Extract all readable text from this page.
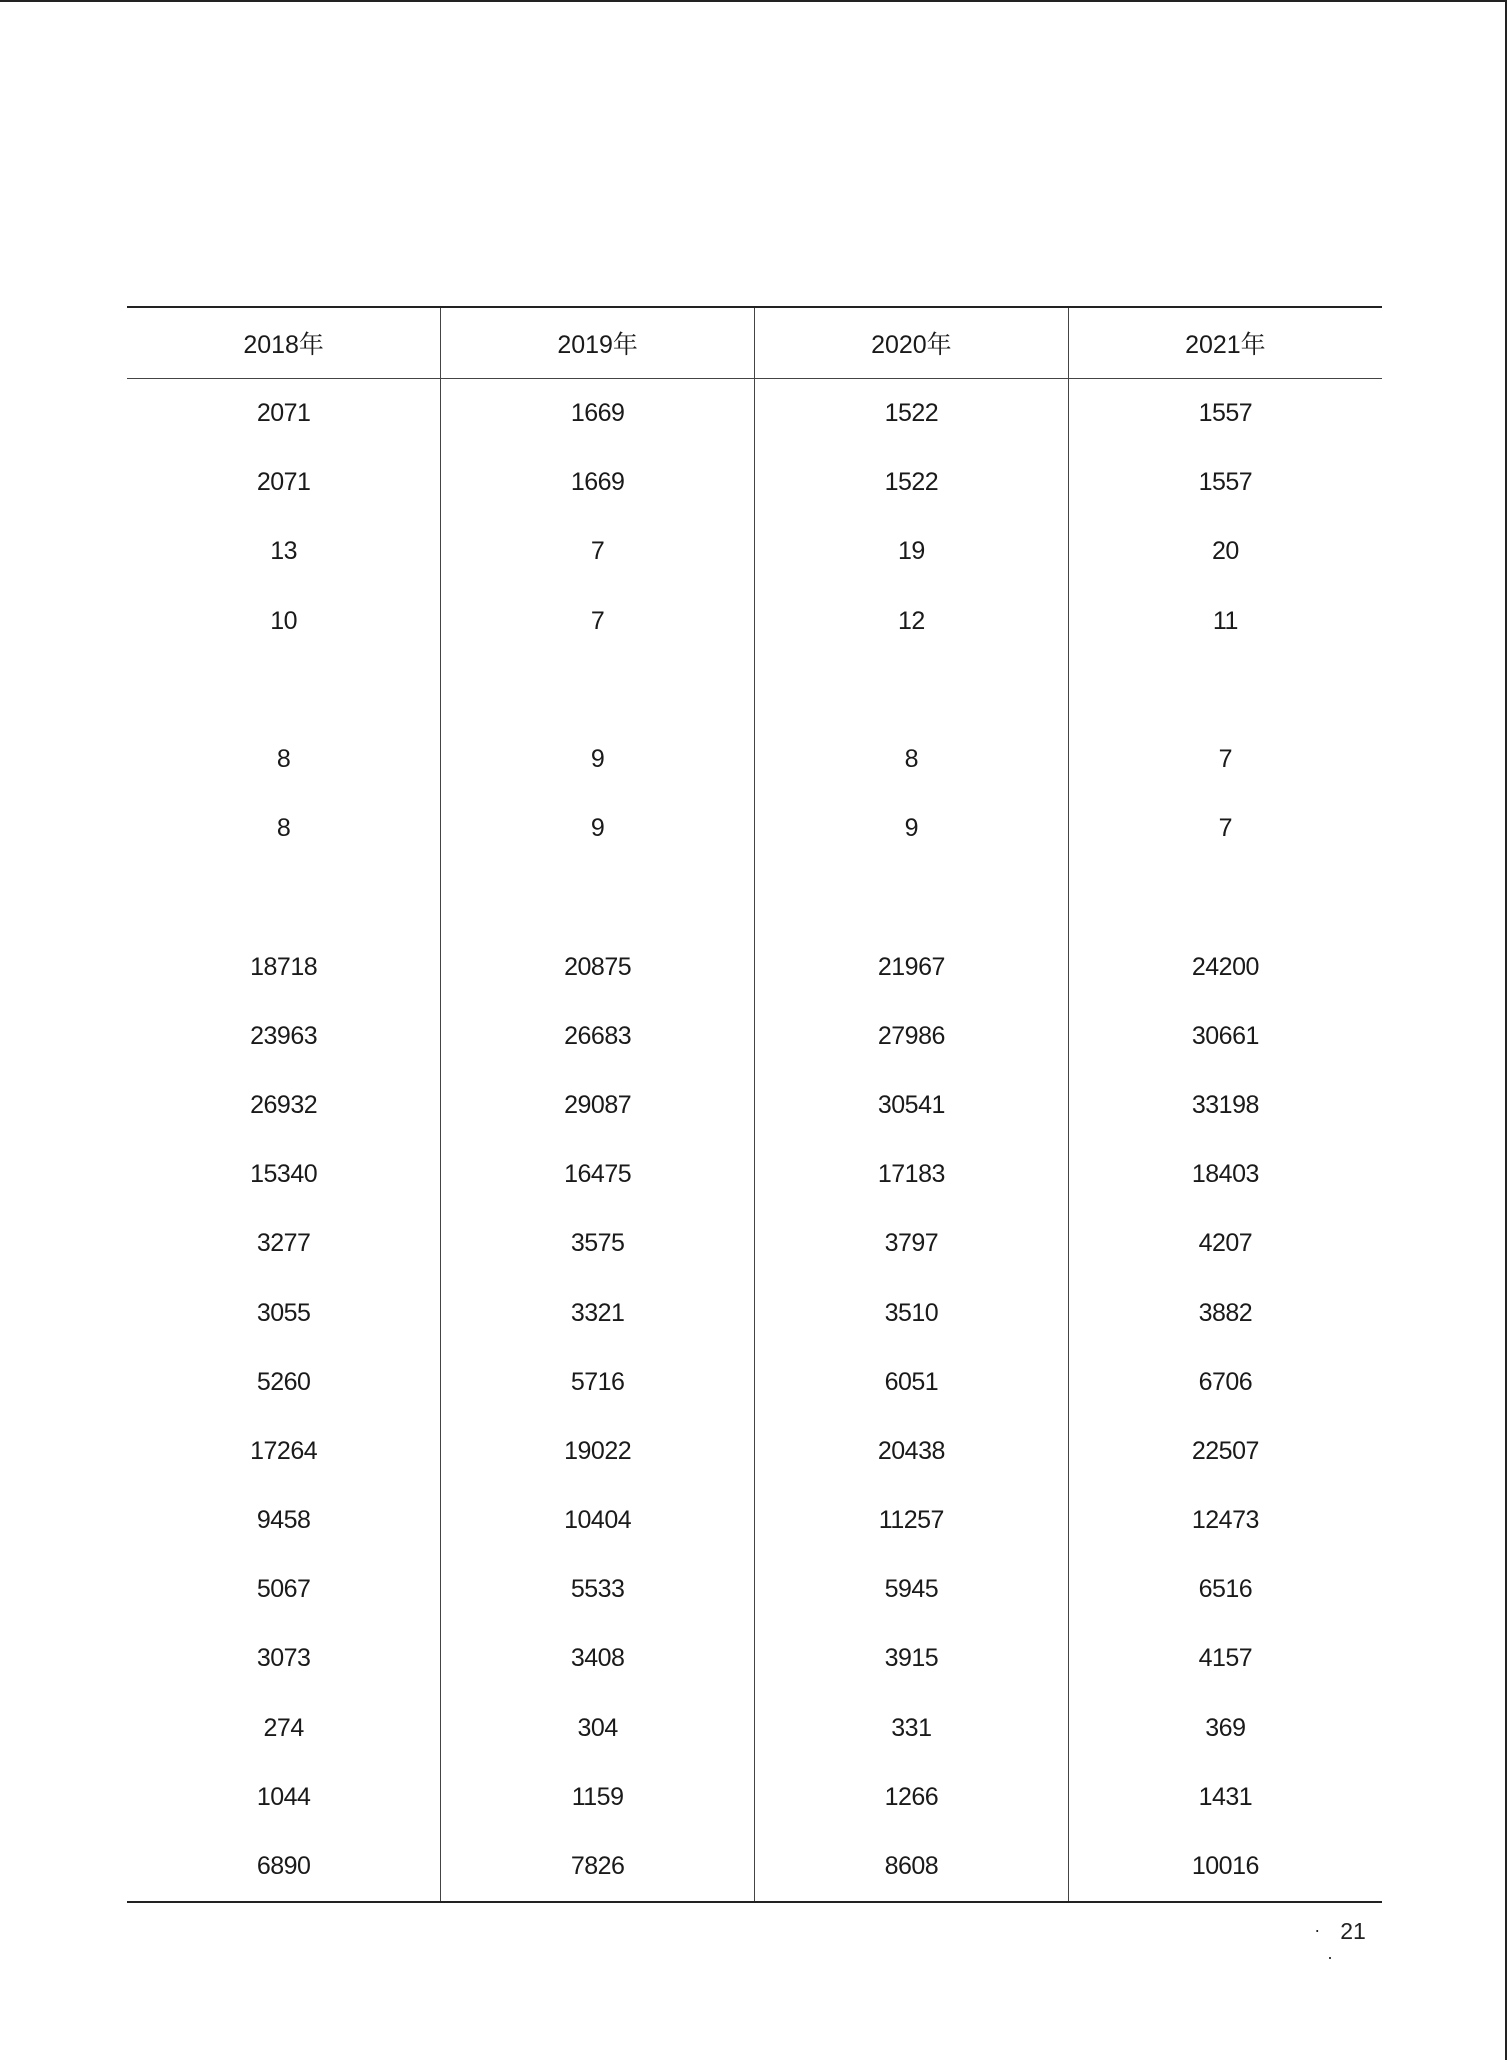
2018年	2019年	2020年	2021年
2071	1669	1522	1557
2071	1669	1522	1557
13	7	19	20
10	7	12	11

8	9	8	7
8	9	9	7

18718	20875	21967	24200
23963	26683	27986	30661
26932	29087	30541	33198
15340	16475	17183	18403
3277	3575	3797	4207
3055	3321	3510	3882
5260	5716	6051	6706
17264	19022	20438	22507
9458	10404	11257	12473
5067	5533	5945	6516
3073	3408	3915	4157
274	304	331	369
1044	1159	1266	1431
6890	7826	8608	10016
· 21·
